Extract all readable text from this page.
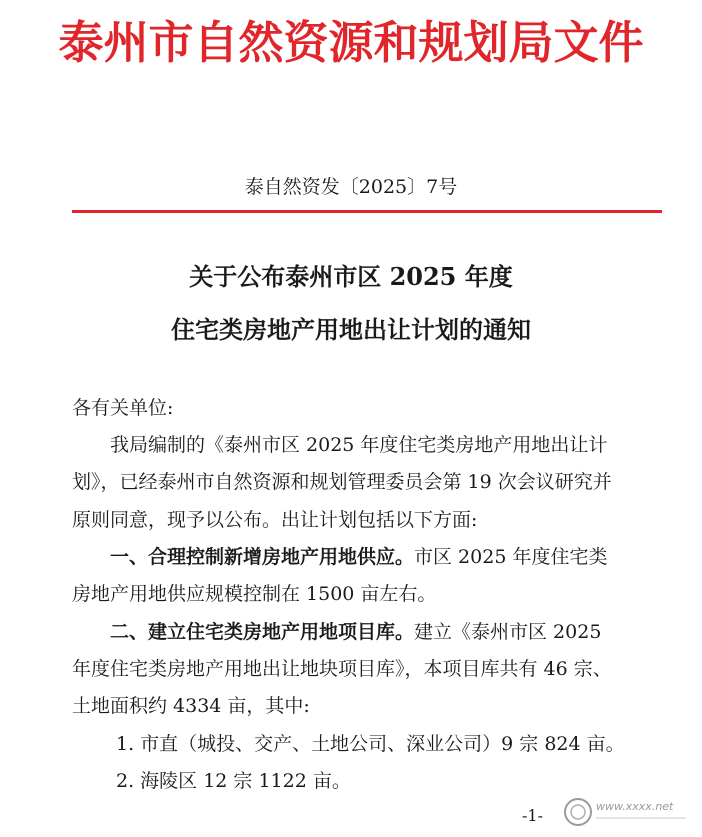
泰州市自然资源和规划局文件
泰自然资发〔2025〕7号
关于公布泰州市区 2025 年度
住宅类房地产用地出让计划的通知
各有关单位:
我局编制的《泰州市区 2025 年度住宅类房地产用地出让计
划》，已经泰州市自然资源和规划管理委员会第 19 次会议研究并
原则同意，现予以公布。出让计划包括以下方面:
一、合理控制新增房地产用地供应。市区 2025 年度住宅类
房地产用地供应规模控制在 1500 亩左右。
二、建立住宅类房地产用地项目库。建立《泰州市区 2025
年度住宅类房地产用地出让地块项目库》，本项目库共有 46 宗、
土地面积约 4334 亩，其中:
1. 市直（城投、交产、土地公司、深业公司）9 宗 824 亩。
2. 海陵区 12 宗 1122 亩。
-1-	www.xxxx.net
